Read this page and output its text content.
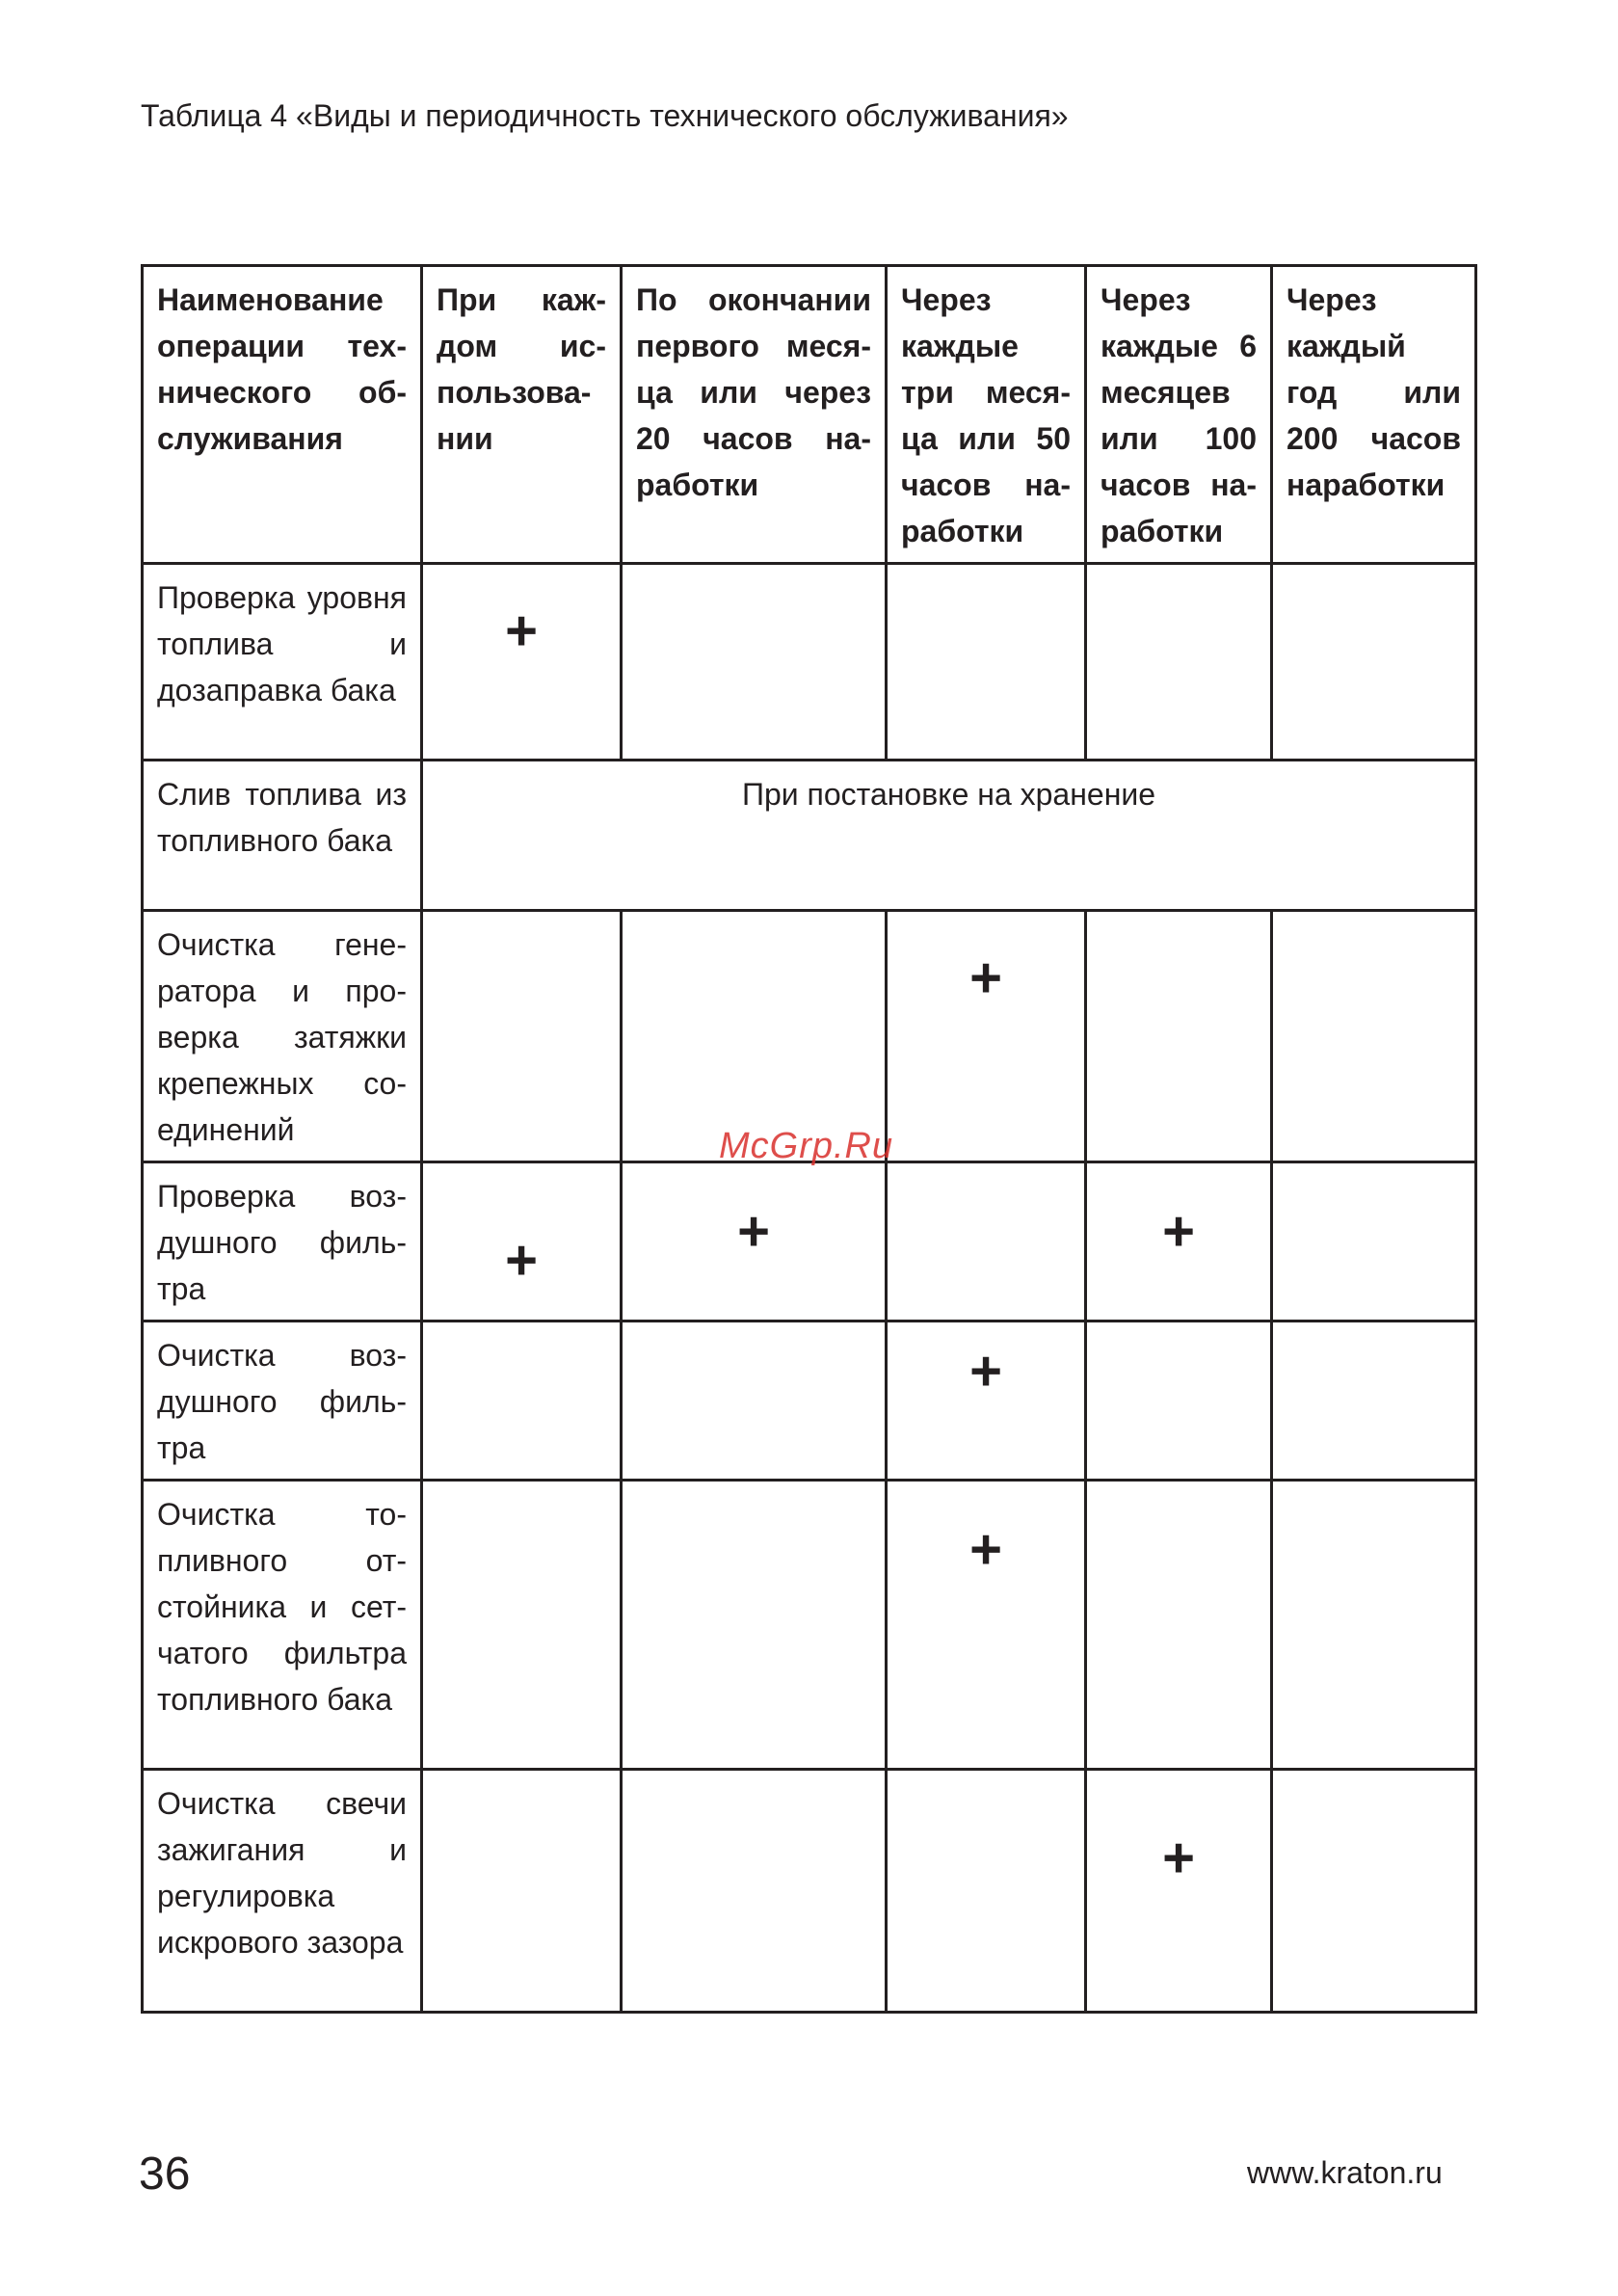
Таблица 4 «Виды и периодичность технического обслуживания»
Наименование операции технического обслуживания	При каждом использовании	По окончании первого месяца или через 20 часов наработки	Через каждые три месяца или 50 часов наработки	Через каждые 6 месяцев или 100 часов наработки	Через каждый год или 200 часов наработки
Проверка уровня топлива и дозаправка бака	+				
Слив топлива из топливного бака	При постановке на хранение				
Очистка генератора и проверка затяжки крепежных соединений			+		
Проверка воздушного фильтра	+	+		+	
Очистка воздушного фильтра			+		
Очистка топливного отстойника и сетчатого фильтра топливного бака			+		
Очистка свечи зажигания и регулировка искрового зазора				+	
McGrp.Ru
36	www.kraton.ru
